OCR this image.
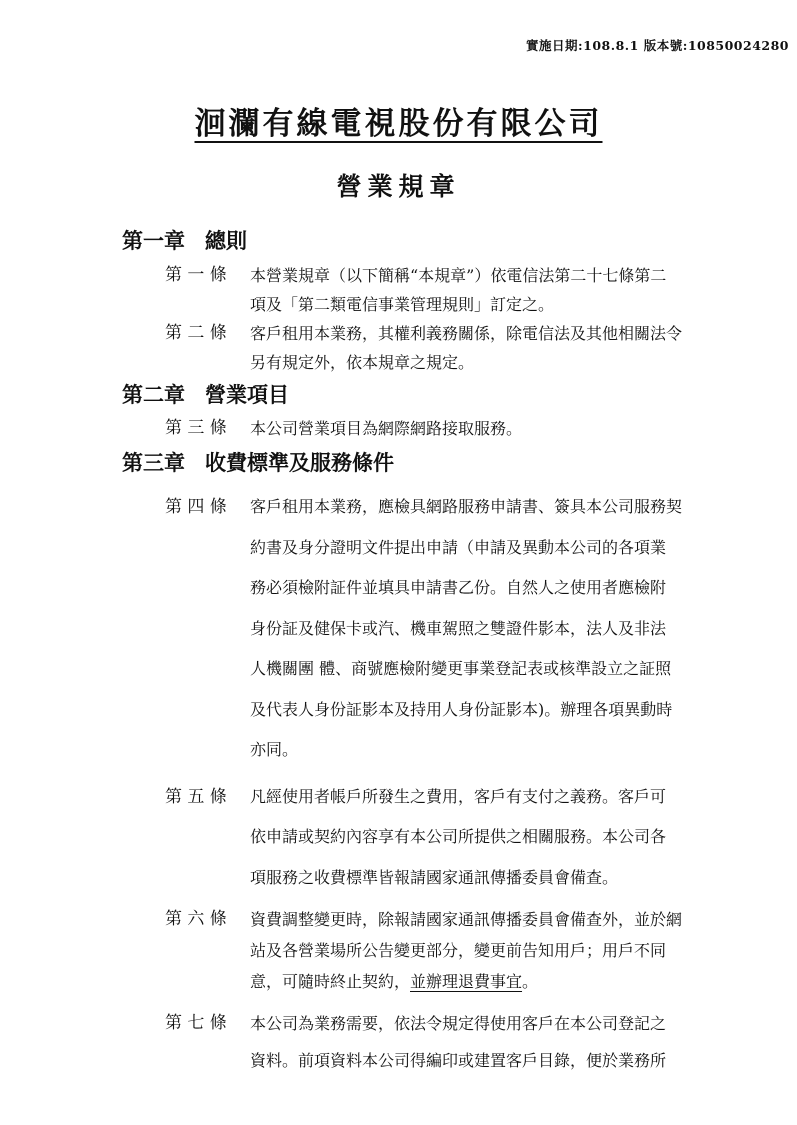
實施日期:108.8.1 版本號:10850024280
洄瀾有線電視股份有限公司
營業規章
第一章 總則
第 一 條	本營業規章（以下簡稱“本規章”）依電信法第二十七條第二
項及「第二類電信事業管理規則」訂定之。
第 二 條	客戶租用本業務，其權利義務關係，除電信法及其他相關法令
另有規定外，依本規章之規定。
第二章 營業項目
第 三 條	本公司營業項目為網際網路接取服務。
第三章 收費標準及服務條件
第 四 條	客戶租用本業務，應檢具網路服務申請書、簽具本公司服務契
約書及身分證明文件提出申請（申請及異動本公司的各項業
務必須檢附証件並填具申請書乙份。自然人之使用者應檢附
身份証及健保卡或汽、機車駕照之雙證件影本，法人及非法
人機關團 體、商號應檢附變更事業登記表或核準設立之証照
及代表人身份証影本及持用人身份証影本)。辦理各項異動時
亦同。
第 五 條	凡經使用者帳戶所發生之費用，客戶有支付之義務。客戶可
依申請或契約內容享有本公司所提供之相關服務。本公司各
項服務之收費標準皆報請國家通訊傳播委員會備查。
第 六 條	資費調整變更時，除報請國家通訊傳播委員會備查外，並於網
站及各營業場所公告變更部分，變更前告知用戶；用戶不同
意，可隨時終止契約，並辦理退費事宜。
第 七 條	本公司為業務需要，依法令規定得使用客戶在本公司登記之
資料。前項資料本公司得編印或建置客戶目錄，便於業務所
